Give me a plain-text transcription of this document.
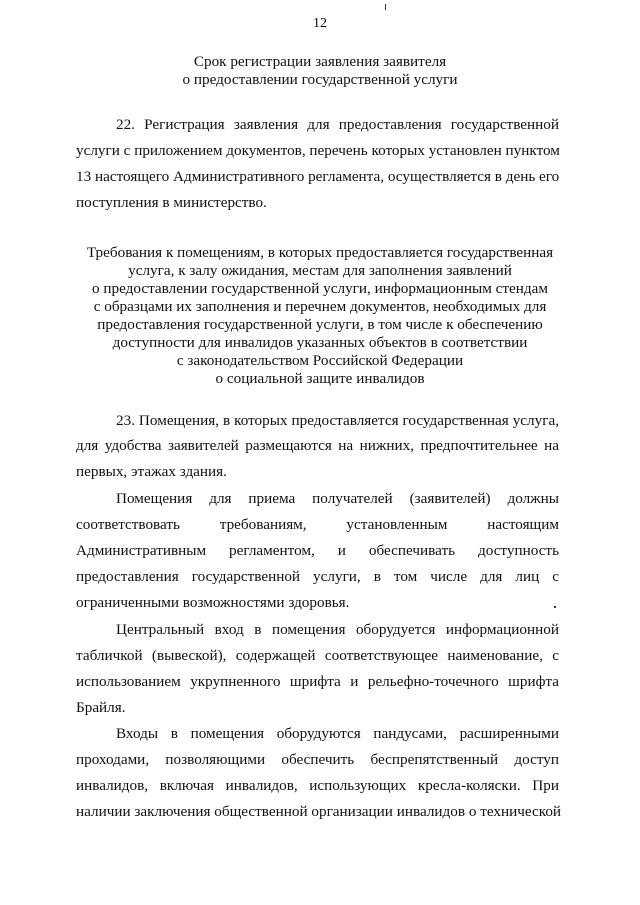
12

Срок регистрации заявления заявителя

о предоставлении государственной услуги

22. Регистрация заявления для предоставления государственной

услуги с приложением документов, перечень которых установлен пунктом

13 настоящего Административного регламента, осуществляется в день его

поступления в министерство.

Требования к помещениям, в которых предоставляется государственная

услуга, к залу ожидания, местам для заполнения заявлений

о предоставлении государственной услуги, информационным стендам

с образцами их заполнения и перечнем документов, необходимых для

предоставления государственной услуги, в том числе к обеспечению

доступности для инвалидов указанных объектов в соответствии

с законодательством Российской Федерации

о социальной защите инвалидов

23. Помещения, в которых предоставляется государственная услуга,

для удобства заявителей размещаются на нижних, предпочтительнее на

первых, этажах здания.

Помещения для приема получателей (заявителей) должны

соответствовать требованиям, установленным настоящим

Административным регламентом, и обеспечивать доступность

предоставления государственной услуги, в том числе для лиц с

ограниченными возможностями здоровья.

Центральный вход в помещения оборудуется информационной

табличкой (вывеской), содержащей соответствующее наименование, с

использованием укрупненного шрифта и рельефно-точечного шрифта

Брайля.

Входы в помещения оборудуются пандусами, расширенными

проходами, позволяющими обеспечить беспрепятственный доступ

инвалидов, включая инвалидов, использующих кресла-коляски. При

наличии заключения общественной организации инвалидов о технической
